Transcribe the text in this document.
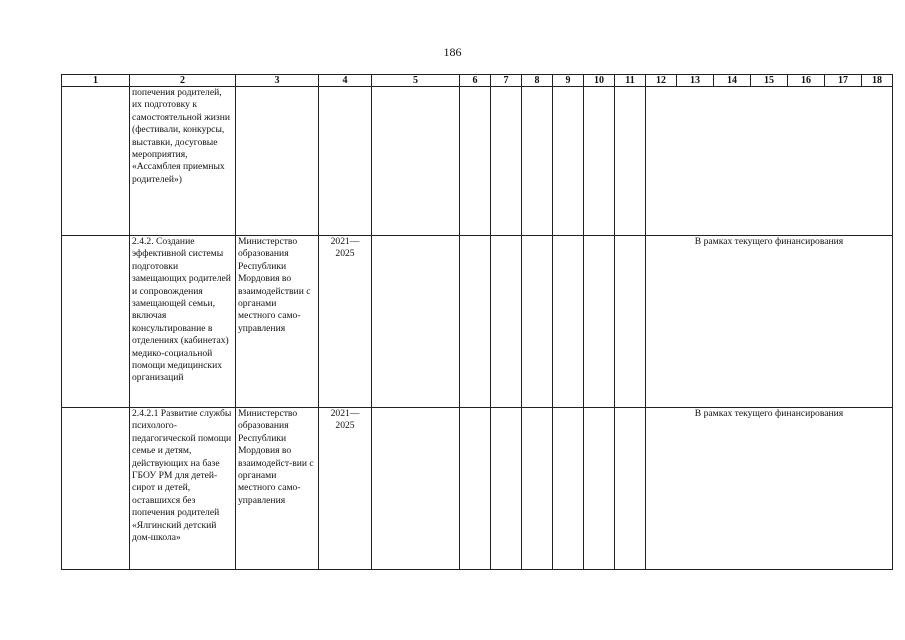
186
1	2	3	4	5	6	7	8	9	10	11	12	13	14	15	16	17	18
	попечения родителей, их подготовку к самостоятельной жизни (фестивали, конкурсы, выставки, досуговые мероприятия, «Ассамблея приемных родителей»)																
	2.4.2. Создание эффективной системы подготовки замещающих родителей и сопровождения замещающей семьи, включая консультирование в отделениях (кабинетах) медико-социальной помощи медицинских организаций	Министерство образования Республики Мордовия во взаимодействии с органами местного само-управления	2021— 2025								В рамках текущего финансирования						
	2.4.2.1 Развитие службы психолого-педагогической помощи семье и детям, действующих на базе ГБОУ РМ для детей-сирот и детей, оставшихся без попечения родителей «Ялгинский детский дом-школа»	Министерство образования Республики Мордовия во взаимодейст-вии с органами местного само-управления	2021— 2025								В рамках текущего финансирования						
